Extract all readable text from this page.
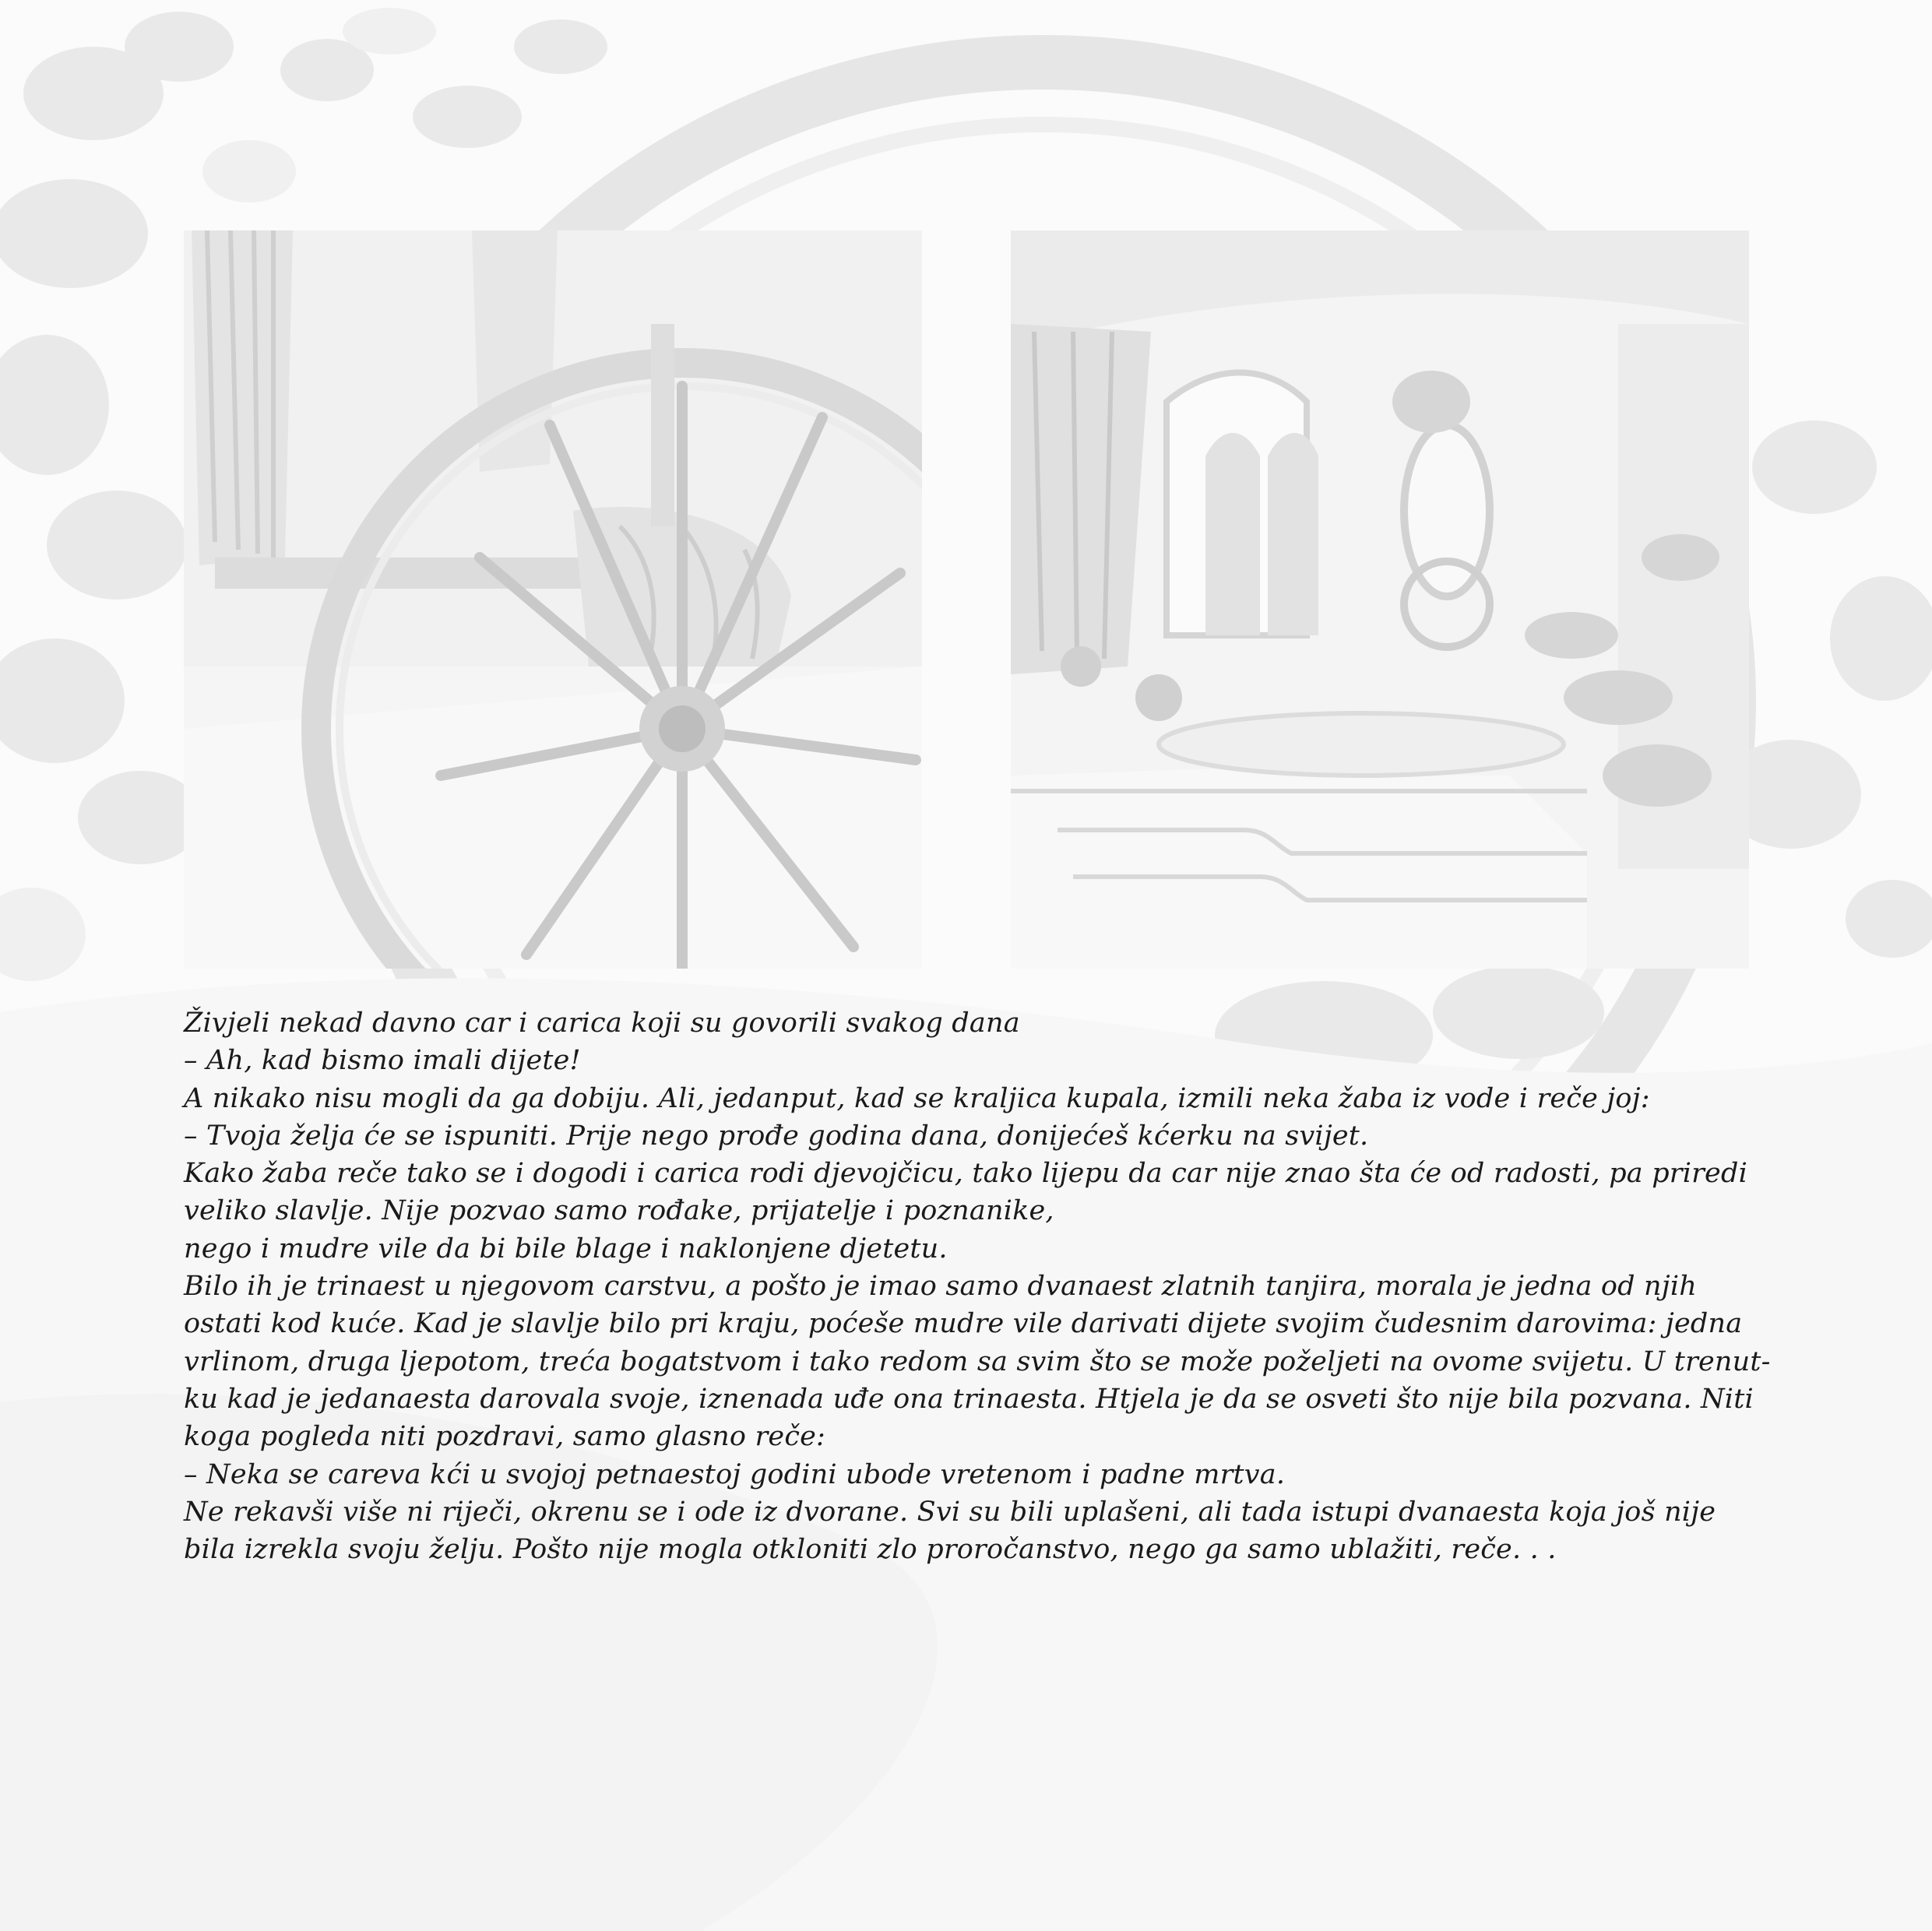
Živjeli nekad davno car i carica koji su govorili svakog dana

– Ah, kad bismo imali dijete!

A nikako nisu mogli da ga dobiju. Ali, jedanput, kad se kraljica kupala, izmili neka žaba iz vode i reče joj:

– Tvoja želja će se ispuniti. Prije nego prođe godina dana, donijećeš kćerku na svijet.

Kako žaba reče tako se i dogodi i carica rodi djevojčicu, tako lijepu da car nije znao šta će od radosti, pa priredi

veliko slavlje. Nije pozvao samo rođake, prijatelje i poznanike,

nego i mudre vile da bi bile blage i naklonjene djetetu.

Bilo ih je trinaest u njegovom carstvu, a pošto je imao samo dvanaest zlatnih tanjira, morala je jedna od njih

ostati kod kuće. Kad je slavlje bilo pri kraju, poćeše mudre vile darivati dijete svojim čudesnim darovima: jedna

vrlinom, druga ljepotom, treća bogatstvom i tako redom sa svim što se može poželjeti na ovome svijetu. U trenut-

ku kad je jedanaesta darovala svoje, iznenada uđe ona trinaesta. Htjela je da se osveti što nije bila pozvana. Niti

koga pogleda niti pozdravi, samo glasno reče:

– Neka se careva kći u svojoj petnaestoj godini ubode vretenom i padne mrtva.

Ne rekavši više ni riječi, okrenu se i ode iz dvorane. Svi su bili uplašeni, ali tada istupi dvanaesta koja još nije

bila izrekla svoju želju. Pošto nije mogla otkloniti zlo proročanstvo, nego ga samo ublažiti, reče. . .
